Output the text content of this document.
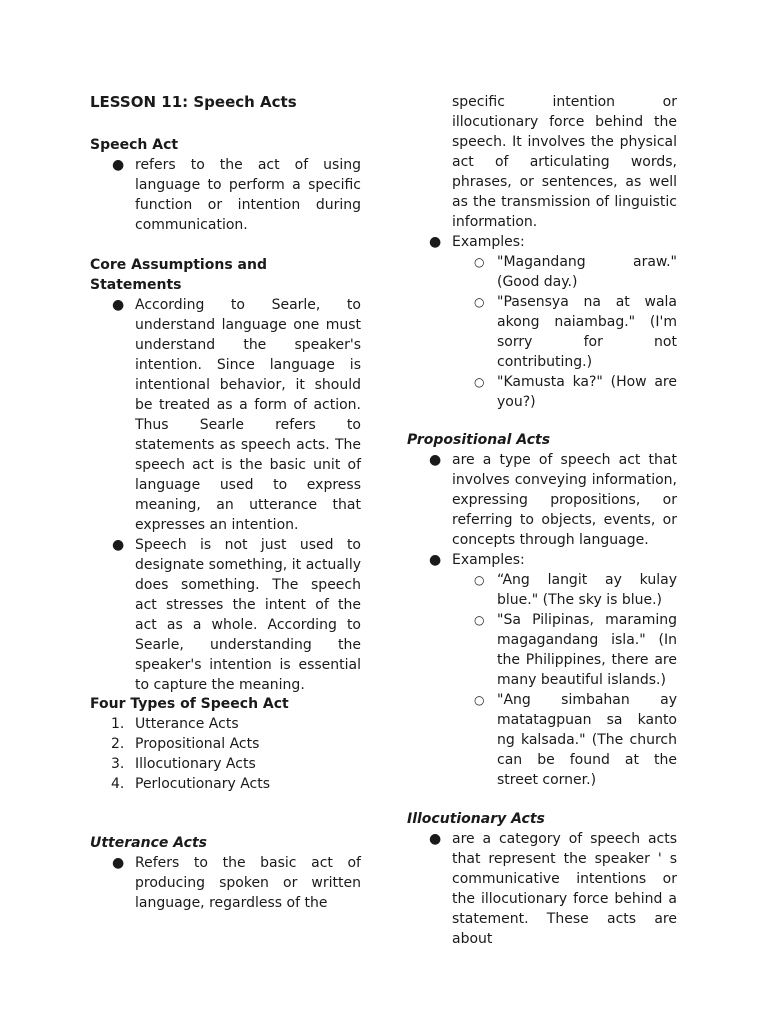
LESSON 11: Speech Acts
Speech Act
● refers to the act of using language to perform a specific function or intention during communication.
Core Assumptions and Statements
● According to Searle, to understand language one must understand the speaker's intention. Since language is intentional behavior, it should be treated as a form of action. Thus Searle refers to statements as speech acts. The speech act is the basic unit of language used to express meaning, an utterance that expresses an intention.
● Speech is not just used to designate something, it actually does something. The speech act stresses the intent of the act as a whole. According to Searle, understanding the speaker's intention is essential to capture the meaning.
Four Types of Speech Act
1. Utterance Acts
2. Propositional Acts
3. Illocutionary Acts
4. Perlocutionary Acts
Utterance Acts
● Refers to the basic act of producing spoken or written language, regardless of the
specific intention or illocutionary force behind the speech. It involves the physical act of articulating words, phrases, or sentences, as well as the transmission of linguistic information.
● Examples:
○ "Magandang araw." (Good day.)
○ "Pasensya na at wala akong naiambag." (I'm sorry for not contributing.)
○ "Kamusta ka?" (How are you?)
Propositional Acts
● are a type of speech act that involves conveying information, expressing propositions, or referring to objects, events, or concepts through language.
● Examples:
○ “Ang langit ay kulay blue." (The sky is blue.)
○ "Sa Pilipinas, maraming magagandang isla." (In the Philippines, there are many beautiful islands.)
○ "Ang simbahan ay matatagpuan sa kanto ng kalsada." (The church can be found at the street corner.)
Illocutionary Acts
● are a category of speech acts that represent the speaker ' s communicative intentions or the illocutionary force behind a statement. These acts are about
